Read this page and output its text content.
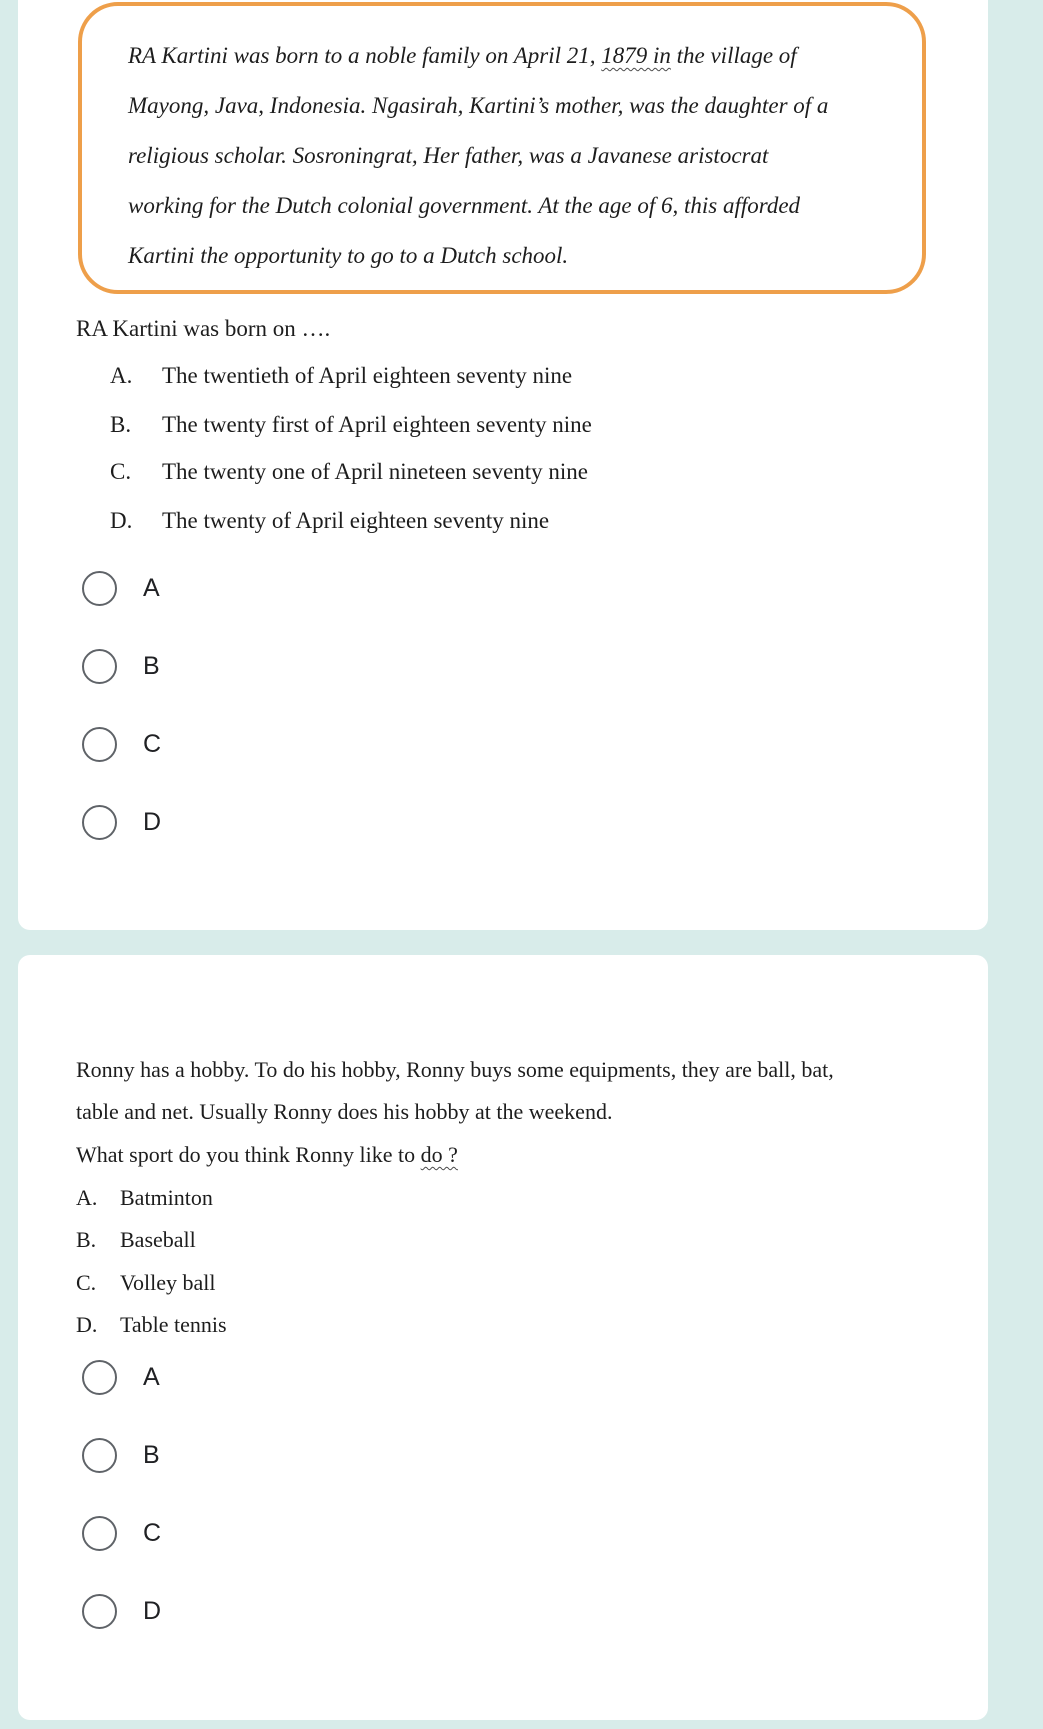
RA Kartini was born to a noble family on April 21, 1879 in the village of
Mayong, Java, Indonesia. Ngasirah, Kartini’s mother, was the daughter of a
religious scholar. Sosroningrat, Her father, was a Javanese aristocrat
working for the Dutch colonial government. At the age of 6, this afforded
Kartini the opportunity to go to a Dutch school.
RA Kartini was born on ….
A. The twentieth of April eighteen seventy nine
B. The twenty first of April eighteen seventy nine
C. The twenty one of April nineteen seventy nine
D. The twenty of April eighteen seventy nine
A
B
C
D
Ronny has a hobby. To do his hobby, Ronny buys some equipments, they are ball, bat,
table and net. Usually Ronny does his hobby at the weekend.
What sport do you think Ronny like to do ?
A. Batminton
B. Baseball
C. Volley ball
D. Table tennis
A
B
C
D
